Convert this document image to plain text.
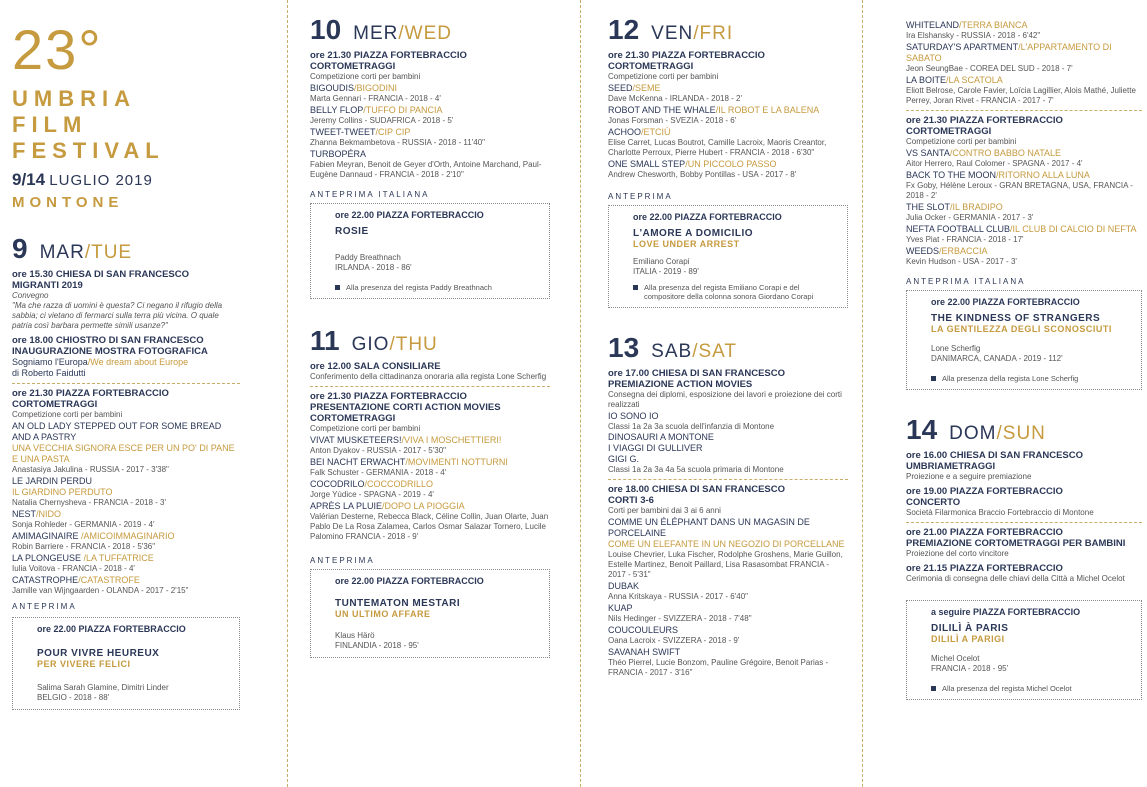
23°
UMBRIA
FILM
FESTIVAL
9/14 LUGLIO 2019
MONTONE
9 MAR / TUE
ore 15.30 CHIESA DI SAN FRANCESCO
MIGRANTI 2019
Convegno
"Ma che razza di uomini è questa? Ci negano il rifugio della sabbia; ci vietano di fermarci sulla terra più vicina. O quale patria così barbara permette simili usanze?"
ore 18.00 CHIOSTRO DI SAN FRANCESCO
INAUGURAZIONE MOSTRA FOTOGRAFICA
Sogniamo l'Europa/We dream about Europe
di Roberto Faidutti
ore 21.30 PIAZZA FORTEBRACCIO
CORTOMETRAGGI
Competizione corti per bambini
AN OLD LADY STEPPED OUT FOR SOME BREAD AND A PASTRY
UNA VECCHIA SIGNORA ESCE PER UN PO' DI PANE E UNA PASTA
Anastasiya Jakulina - RUSSIA - 2017 - 3'38"
LE JARDIN PERDU
IL GIARDINO PERDUTO
Natalia Chernysheva - FRANCIA - 2018 - 3'
NEST/NIDO
Sonja Rohleder - GERMANIA - 2019 - 4'
AMIMAGINAIRE /AMICOIMMAGINARIO
Robin Barriere - FRANCIA - 2018 - 5'36"
LA PLONGEUSE /LA TUFFATRICE
Iulia Voitova - FRANCIA - 2018 - 4'
CATASTROPHE/CATASTROFE
Jamille van Wijngaarden - OLANDA - 2017 - 2'15"
ANTEPRIMA
ore 22.00 PIAZZA FORTEBRACCIO
POUR VIVRE HEUREUX
PER VIVERE FELICI
Salima Sarah Glamine, Dimitri Linder
BELGIO - 2018 - 88'
10 MER / WED
ore 21.30 PIAZZA FORTEBRACCIO
CORTOMETRAGGI
Competizione corti per bambini
BIGOUDIS/BIGODINI
Marta Gennari - FRANCIA - 2018 - 4'
BELLY FLOP/TUFFO DI PANCIA
Jeremy Collins - SUDAFRICA - 2018 - 5'
TWEET-TWEET/CIP CIP
Zhanna Bekmambetova - RUSSIA - 2018 - 11'40"
TURBOPÉRA
Fabien Meyran, Benoit de Geyer d'Orth, Antoine Marchand, Paul-Eugène Dannaud - FRANCIA - 2018 - 2'10"
ANTEPRIMA ITALIANA
ore 22.00 PIAZZA FORTEBRACCIO
ROSIE
Paddy Breathnach
IRLANDA - 2018 - 86'
Alla presenza del regista Paddy Breathnach
11 GIO / THU
ore 12.00 SALA CONSILIARE
Conferimento della cittadinanza onoraria alla regista Lone Scherfig
ore 21.30 PIAZZA FORTEBRACCIO
PRESENTAZIONE CORTI ACTION MOVIES
CORTOMETRAGGI
Competizione corti per bambini
VIVAT MUSKETEERS!/VIVA I MOSCHETTIERI!
Anton Dyakov - RUSSIA - 2017 - 5'30"
BEI NACHT ERWACHT/MOVIMENTI NOTTURNI
Falk Schuster - GERMANIA - 2018 - 4'
COCODRILO/COCCODRILLO
Jorge Yúdice - SPAGNA - 2019 - 4'
APRÈS LA PLUIE/DOPO LA PIOGGIA
Valérian Desterne, Rebecca Black, Céline Collin, Juan Olarte, Juan Pablo De La Rosa Zalamea, Carlos Osmar Salazar Tornero, Lucile Palomino FRANCIA - 2018 - 9'
ANTEPRIMA
ore 22.00 PIAZZA FORTEBRACCIO
TUNTEMATON MESTARI
UN ULTIMO AFFARE
Klaus Härö
FINLANDIA - 2018 - 95'
12 VEN / FRI
ore 21.30 PIAZZA FORTEBRACCIO
CORTOMETRAGGI
Competizione corti per bambini
SEED/SEME
Dave McKenna - IRLANDA - 2018 - 2'
ROBOT AND THE WHALE/IL ROBOT E LA BALENA
Jonas Forsman - SVEZIA - 2018 - 6'
ACHOO/ETCIÙ
Elise Carret, Lucas Boutrot, Camille Lacroix, Maoris Creantor, Charlotte Perroux, Pierre Hubert - FRANCIA - 2018 - 6'30"
ONE SMALL STEP/UN PICCOLO PASSO
Andrew Chesworth, Bobby Pontillas - USA - 2017 - 8'
ANTEPRIMA
ore 22.00 PIAZZA FORTEBRACCIO
L'AMORE A DOMICILIO
LOVE UNDER ARREST
Emiliano Corapi
ITALIA - 2019 - 89'
Alla presenza del regista Emiliano Corapi e del compositore della colonna sonora Giordano Corapi
13 SAB / SAT
ore 17.00 CHIESA DI SAN FRANCESCO
PREMIAZIONE ACTION MOVIES
Consegna dei diplomi, esposizione dei lavori e proiezione dei corti realizzati
IO SONO IO
Classi 1a 2a 3a scuola dell'infanzia di Montone
DINOSAURI A MONTONE
I VIAGGI DI GULLIVER
GIGI G.
Classi 1a 2a 3a 4a 5a scuola primaria di Montone
ore 18.00 CHIESA DI SAN FRANCESCO
CORTI 3-6
Corti per bambini dai 3 ai 6 anni
COMME UN ÉLÉPHANT DANS UN MAGASIN DE PORCELAINE
COME UN ELEFANTE IN UN NEGOZIO DI PORCELLANE
Louise Chevrier, Luka Fischer, Rodolphe Groshens, Marie Guillon, Estelle Martinez, Benoit Paillard, Lisa Rasasombat FRANCIA - 2017 - 5'31"
DUBAK
Anna Kritskaya - RUSSIA - 2017 - 6'40"
KUAP
Nils Hedinger - SVIZZERA - 2018 - 7'48"
COUCOULEURS
Oana Lacroix - SVIZZERA - 2018 - 9'
SAVANAH SWIFT
Théo Pierrel, Lucie Bonzom, Pauline Grégoire, Benoit Parias - FRANCIA - 2017 - 3'16"
WHITELAND/TERRA BIANCA
Ira Elshansky - RUSSIA - 2018 - 6'42"
SATURDAY'S APARTMENT/L'APPARTAMENTO DI SABATO
Jeon SeungBae - COREA DEL SUD - 2018 - 7'
LA BOITE/LA SCATOLA
Eliott Belrose, Carole Favier, Loïcia Lagillier, Alois Mathé, Juliette Perrey, Joran Rivet - FRANCIA - 2017 - 7'
ore 21.30 PIAZZA FORTEBRACCIO
CORTOMETRAGGI
Competizione corti per bambini
VS SANTA/CONTRO BABBO NATALE
Aitor Herrero, Raul Colomer - SPAGNA - 2017 - 4'
BACK TO THE MOON/RITORNO ALLA LUNA
Fx Goby, Hélène Leroux - GRAN BRETAGNA, USA, FRANCIA - 2018 - 2'
THE SLOT/IL BRADIPO
Julia Ocker - GERMANIA - 2017 - 3'
NEFTA FOOTBALL CLUB/IL CLUB DI CALCIO DI NEFTA
Yves Piat - FRANCIA - 2018 - 17'
WEEDS/ERBACCIA
Kevin Hudson - USA - 2017 - 3'
ANTEPRIMA ITALIANA
ore 22.00 PIAZZA FORTEBRACCIO
THE KINDNESS OF STRANGERS
LA GENTILEZZA DEGLI SCONOSCIUTI
Lone Scherfig
DANIMARCA, CANADA - 2019 - 112'
Alla presenza della regista Lone Scherfig
14 DOM / SUN
ore 16.00 CHIESA DI SAN FRANCESCO
UMBRIAMETRAGGI
Proiezione e a seguire premiazione
ore 19.00 PIAZZA FORTEBRACCIO
CONCERTO
Società Filarmonica Braccio Fortebraccio di Montone
ore 21.00 PIAZZA FORTEBRACCIO
PREMIAZIONE CORTOMETRAGGI PER BAMBINI
Proiezione del corto vincitore
ore 21.15 PIAZZA FORTEBRACCIO
Cerimonia di consegna delle chiavi della Città a Michel Ocelot
a seguire PIAZZA FORTEBRACCIO
DILILÌ À PARIS
DILILÌ A PARIGI
Michel Ocelot
FRANCIA - 2018 - 95'
Alla presenza del regista Michel Ocelot
